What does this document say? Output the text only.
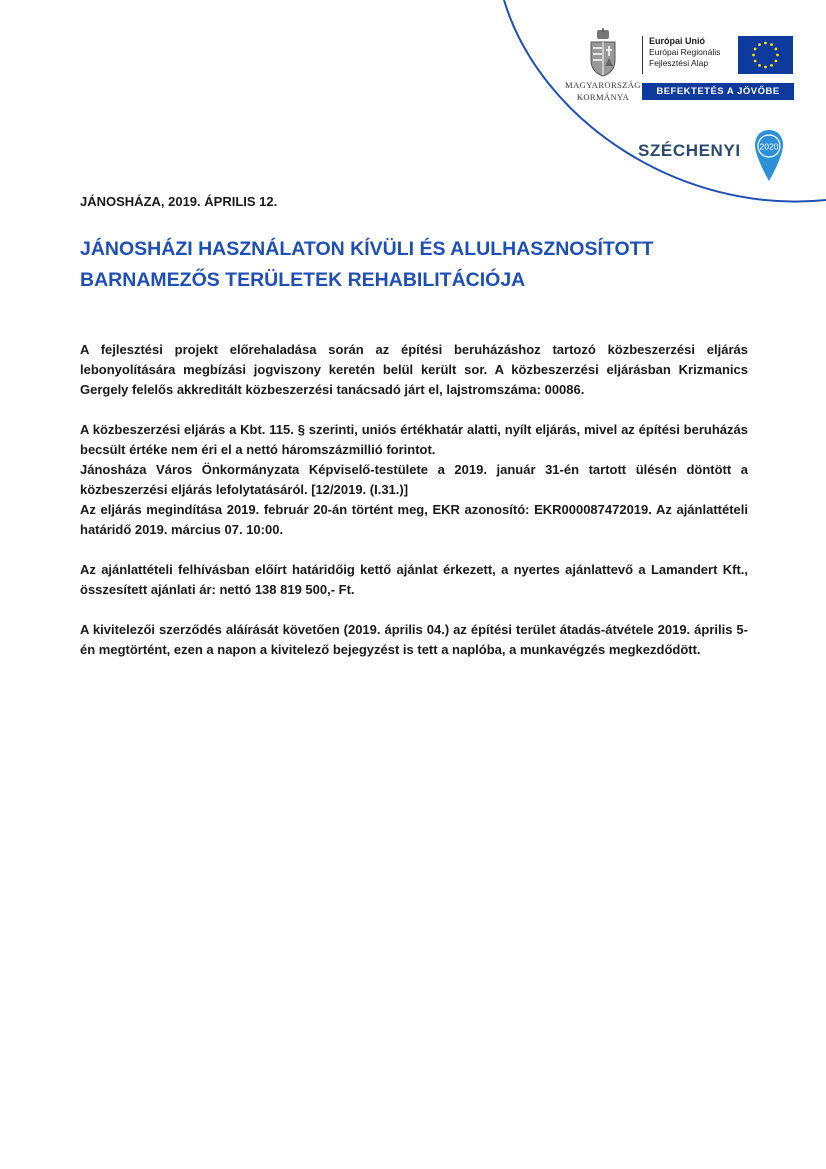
MAGYARORSZÁG
KORMÁNYA
Európai Unió
Európai Regionális
Fejlesztési Alap
BEFEKTETÉS A JÖVŐBE
SZÉCHENYI 2020
JÁNOSHÁZA, 2019. ÁPRILIS 12.
JÁNOSHÁZI HASZNÁLATON KÍVÜLI ÉS ALULHASZNOSÍTOTT BARNAMEZŐS TERÜLETEK REHABILITÁCIÓJA

A fejlesztési projekt előrehaladása során az építési beruházáshoz tartozó közbeszerzési eljárás lebonyolítására megbízási jogviszony keretén belül került sor. A közbeszerzési eljárásban Krizmanics Gergely felelős akkreditált közbeszerzési tanácsadó járt el, lajstromszáma: 00086.

A közbeszerzési eljárás a Kbt. 115. § szerinti, uniós értékhatár alatti, nyílt eljárás, mivel az építési beruházás becsült értéke nem éri el a nettó háromszázmillió forintot.

Jánosháza Város Önkormányzata Képviselő-testülete a 2019. január 31-én tartott ülésén döntött a közbeszerzési eljárás lefolytatásáról. [12/2019. (I.31.)]

Az eljárás megindítása 2019. február 20-án történt meg, EKR azonosító: EKR000087472019. Az ajánlattételi határidő 2019. március 07. 10:00.

Az ajánlattételi felhívásban előírt határidőig kettő ajánlat érkezett, a nyertes ajánlattevő a Lamandert Kft., összesített ajánlati ár: nettó 138 819 500,- Ft.

A kivitelezői szerződés aláírását követően (2019. április 04.) az építési terület átadás-átvétele 2019. április 5-én megtörtént, ezen a napon a kivitelező bejegyzést is tett a naplóba, a munkavégzés megkezdődött.
